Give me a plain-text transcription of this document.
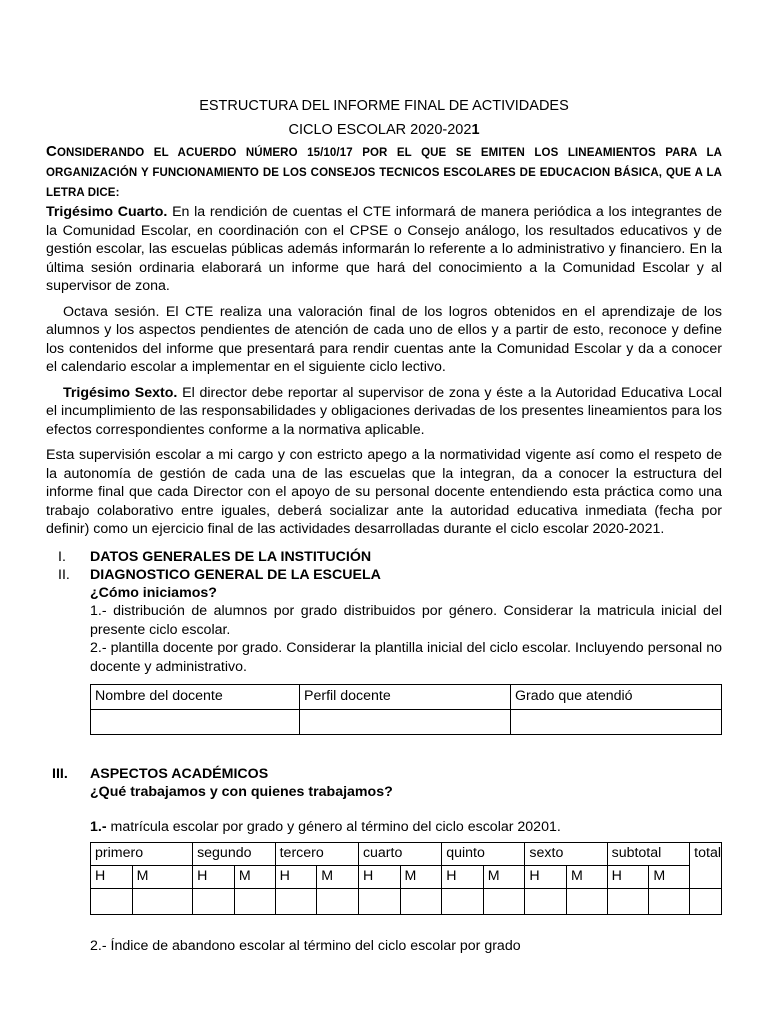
ESTRUCTURA DEL INFORME FINAL DE ACTIVIDADES
CICLO ESCOLAR 2020-2021
CONSIDERANDO EL ACUERDO NÚMERO 15/10/17 POR EL QUE SE EMITEN LOS LINEAMIENTOS PARA LA ORGANIZACIÓN Y FUNCIONAMIENTO DE LOS CONSEJOS TECNICOS ESCOLARES DE EDUCACION BÁSICA, QUE A LA LETRA DICE:

Trigésimo Cuarto. En la rendición de cuentas el CTE informará de manera periódica a los integrantes de la Comunidad Escolar, en coordinación con el CPSE o Consejo análogo, los resultados educativos y de gestión escolar, las escuelas públicas además informarán lo referente a lo administrativo y financiero. En la última sesión ordinaria elaborará un informe que hará del conocimiento a la Comunidad Escolar y al supervisor de zona.

Octava sesión. El CTE realiza una valoración final de los logros obtenidos en el aprendizaje de los alumnos y los aspectos pendientes de atención de cada uno de ellos y a partir de esto, reconoce y define los contenidos del informe que presentará para rendir cuentas ante la Comunidad Escolar y da a conocer el calendario escolar a implementar en el siguiente ciclo lectivo.

Trigésimo Sexto. El director debe reportar al supervisor de zona y éste a la Autoridad Educativa Local el incumplimiento de las responsabilidades y obligaciones derivadas de los presentes lineamientos para los efectos correspondientes conforme a la normativa aplicable.

Esta supervisión escolar a mi cargo y con estricto apego a la normatividad vigente así como el respeto de la autonomía de gestión de cada una de las escuelas que la integran, da a conocer la estructura del informe final que cada Director con el apoyo de su personal docente entendiendo esta práctica como una trabajo colaborativo entre iguales, deberá socializar ante la autoridad educativa inmediata (fecha por definir) como un ejercicio final de las actividades desarrolladas durante el ciclo escolar 2020-2021.

I.	DATOS GENERALES DE LA INSTITUCIÓN
II.	DIAGNOSTICO GENERAL DE LA ESCUELA
¿Cómo iniciamos?
1.- distribución de alumnos por grado distribuidos por género. Considerar la matricula inicial del presente ciclo escolar.
2.- plantilla docente por grado. Considerar la plantilla inicial del ciclo escolar. Incluyendo personal no docente y administrativo.
Nombre del docente	Perfil docente	Grado que atendió

III.	ASPECTOS ACADÉMICOS
¿Qué trabajamos y con quienes trabajamos?
1.- matrícula escolar por grado y género al término del ciclo escolar 20201.
primero		segundo		tercero		cuarto		quinto		sexto		subtotal		total
H	M	H	M	H	M	H	M	H	M	H	M	H	M	

2.- Índice de abandono escolar al término del ciclo escolar por grado
